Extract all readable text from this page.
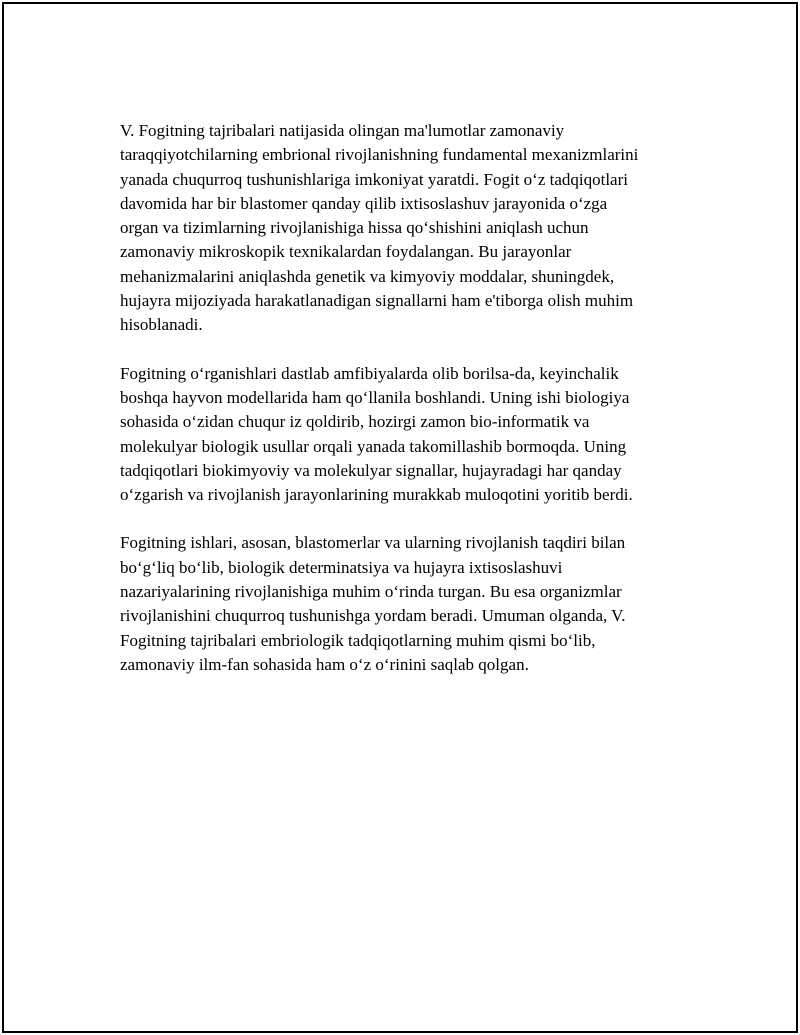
V. Fogitning tajribalari natijasida olingan ma'lumotlar zamonaviy
taraqqiyotchilarning embrional rivojlanishning fundamental mexanizmlarini
yanada chuqurroq tushunishlariga imkoniyat yaratdi. Fogit o‘z tadqiqotlari
davomida har bir blastomer qanday qilib ixtisoslashuv jarayonida o‘zga
organ va tizimlarning rivojlanishiga hissa qo‘shishini aniqlash uchun
zamonaviy mikroskopik texnikalardan foydalangan. Bu jarayonlar
mehanizmalarini aniqlashda genetik va kimyoviy moddalar, shuningdek,
hujayra mijoziyada harakatlanadigan signallarni ham e'tiborga olish muhim
hisoblanadi.

Fogitning o‘rganishlari dastlab amfibiyalarda olib borilsa-da, keyinchalik
boshqa hayvon modellarida ham qo‘llanila boshlandi. Uning ishi biologiya
sohasida o‘zidan chuqur iz qoldirib, hozirgi zamon bio-informatik va
molekulyar biologik usullar orqali yanada takomillashib bormoqda. Uning
tadqiqotlari biokimyoviy va molekulyar signallar, hujayradagi har qanday
o‘zgarish va rivojlanish jarayonlarining murakkab muloqotini yoritib berdi.

Fogitning ishlari, asosan, blastomerlar va ularning rivojlanish taqdiri bilan
bo‘g‘liq bo‘lib, biologik determinatsiya va hujayra ixtisoslashuvi
nazariyalarining rivojlanishiga muhim o‘rinda turgan. Bu esa organizmlar
rivojlanishini chuqurroq tushunishga yordam beradi. Umuman olganda, V.
Fogitning tajribalari embriologik tadqiqotlarning muhim qismi bo‘lib,
zamonaviy ilm-fan sohasida ham o‘z o‘rinini saqlab qolgan.
